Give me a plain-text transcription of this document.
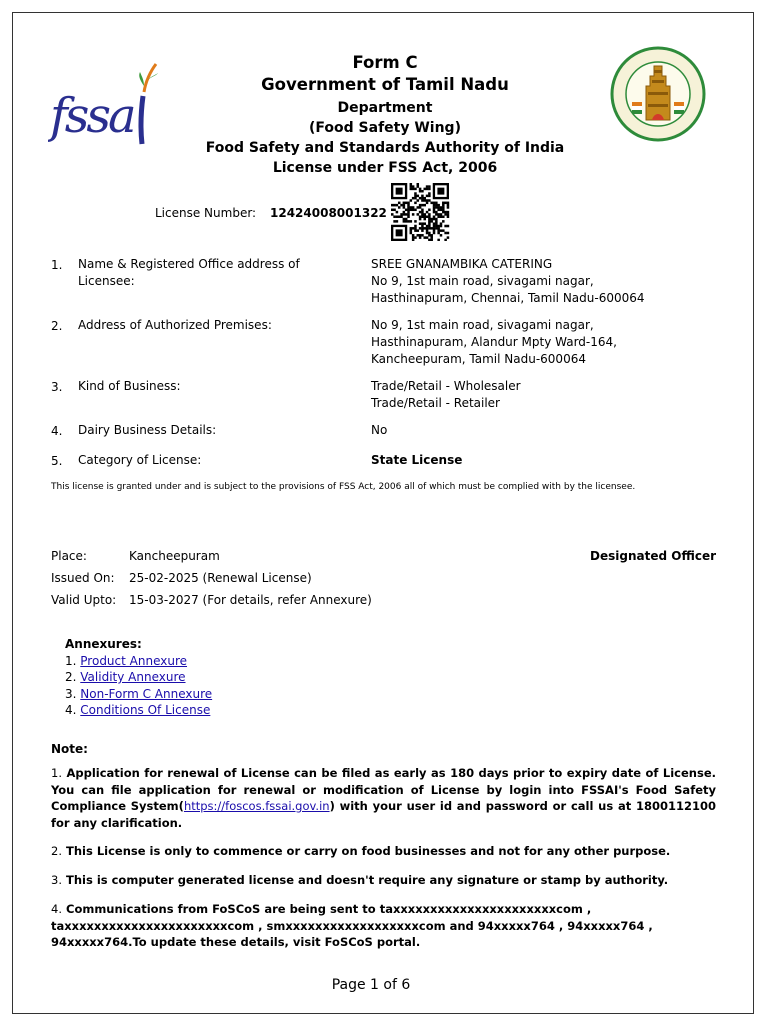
fssa
Form C
Government of Tamil Nadu
Department
(Food Safety Wing)
Food Safety and Standards Authority of India
License under FSS Act, 2006
License Number: 12424008001322
1. Name & Registered Office address of Licensee:
SREE GNANAMBIKA CATERING
No 9, 1st main road, sivagami nagar,
Hasthinapuram, Chennai, Tamil Nadu-600064
2. Address of Authorized Premises:	No 9, 1st main road, sivagami nagar,
Hasthinapuram, Alandur Mpty Ward-164,
Kancheepuram, Tamil Nadu-600064
3. Kind of Business:	Trade/Retail - Wholesaler
Trade/Retail - Retailer
4. Dairy Business Details:	No
5. Category of License:	State License
This license is granted under and is subject to the provisions of FSS Act, 2006 all of which must be complied with by the licensee.
Place:	Kancheepuram	Designated Officer
Issued On: 25-02-2025 (Renewal License)
Valid Upto: 15-03-2027 (For details, refer Annexure)
Annexures:
1. Product Annexure
2. Validity Annexure
3. Non-Form C Annexure
4. Conditions Of License
Note:
1. Application for renewal of License can be filed as early as 180 days prior to expiry date of License. You can file application for renewal or modification of License by login into FSSAI's Food Safety Compliance System(https://foscos.fssai.gov.in) with your user id and password or call us at 1800112100 for any clarification.
2. This License is only to commence or carry on food businesses and not for any other purpose.
3. This is computer generated license and doesn't require any signature or stamp by authority.
4. Communications from FoSCoS are being sent to taxxxxxxxxxxxxxxxxxxxxxxcom , taxxxxxxxxxxxxxxxxxxxxxxcom , smxxxxxxxxxxxxxxxxxxcom and 94xxxxx764 , 94xxxxx764 , 94xxxxx764.To update these details, visit FoSCoS portal.
Page 1 of 6
